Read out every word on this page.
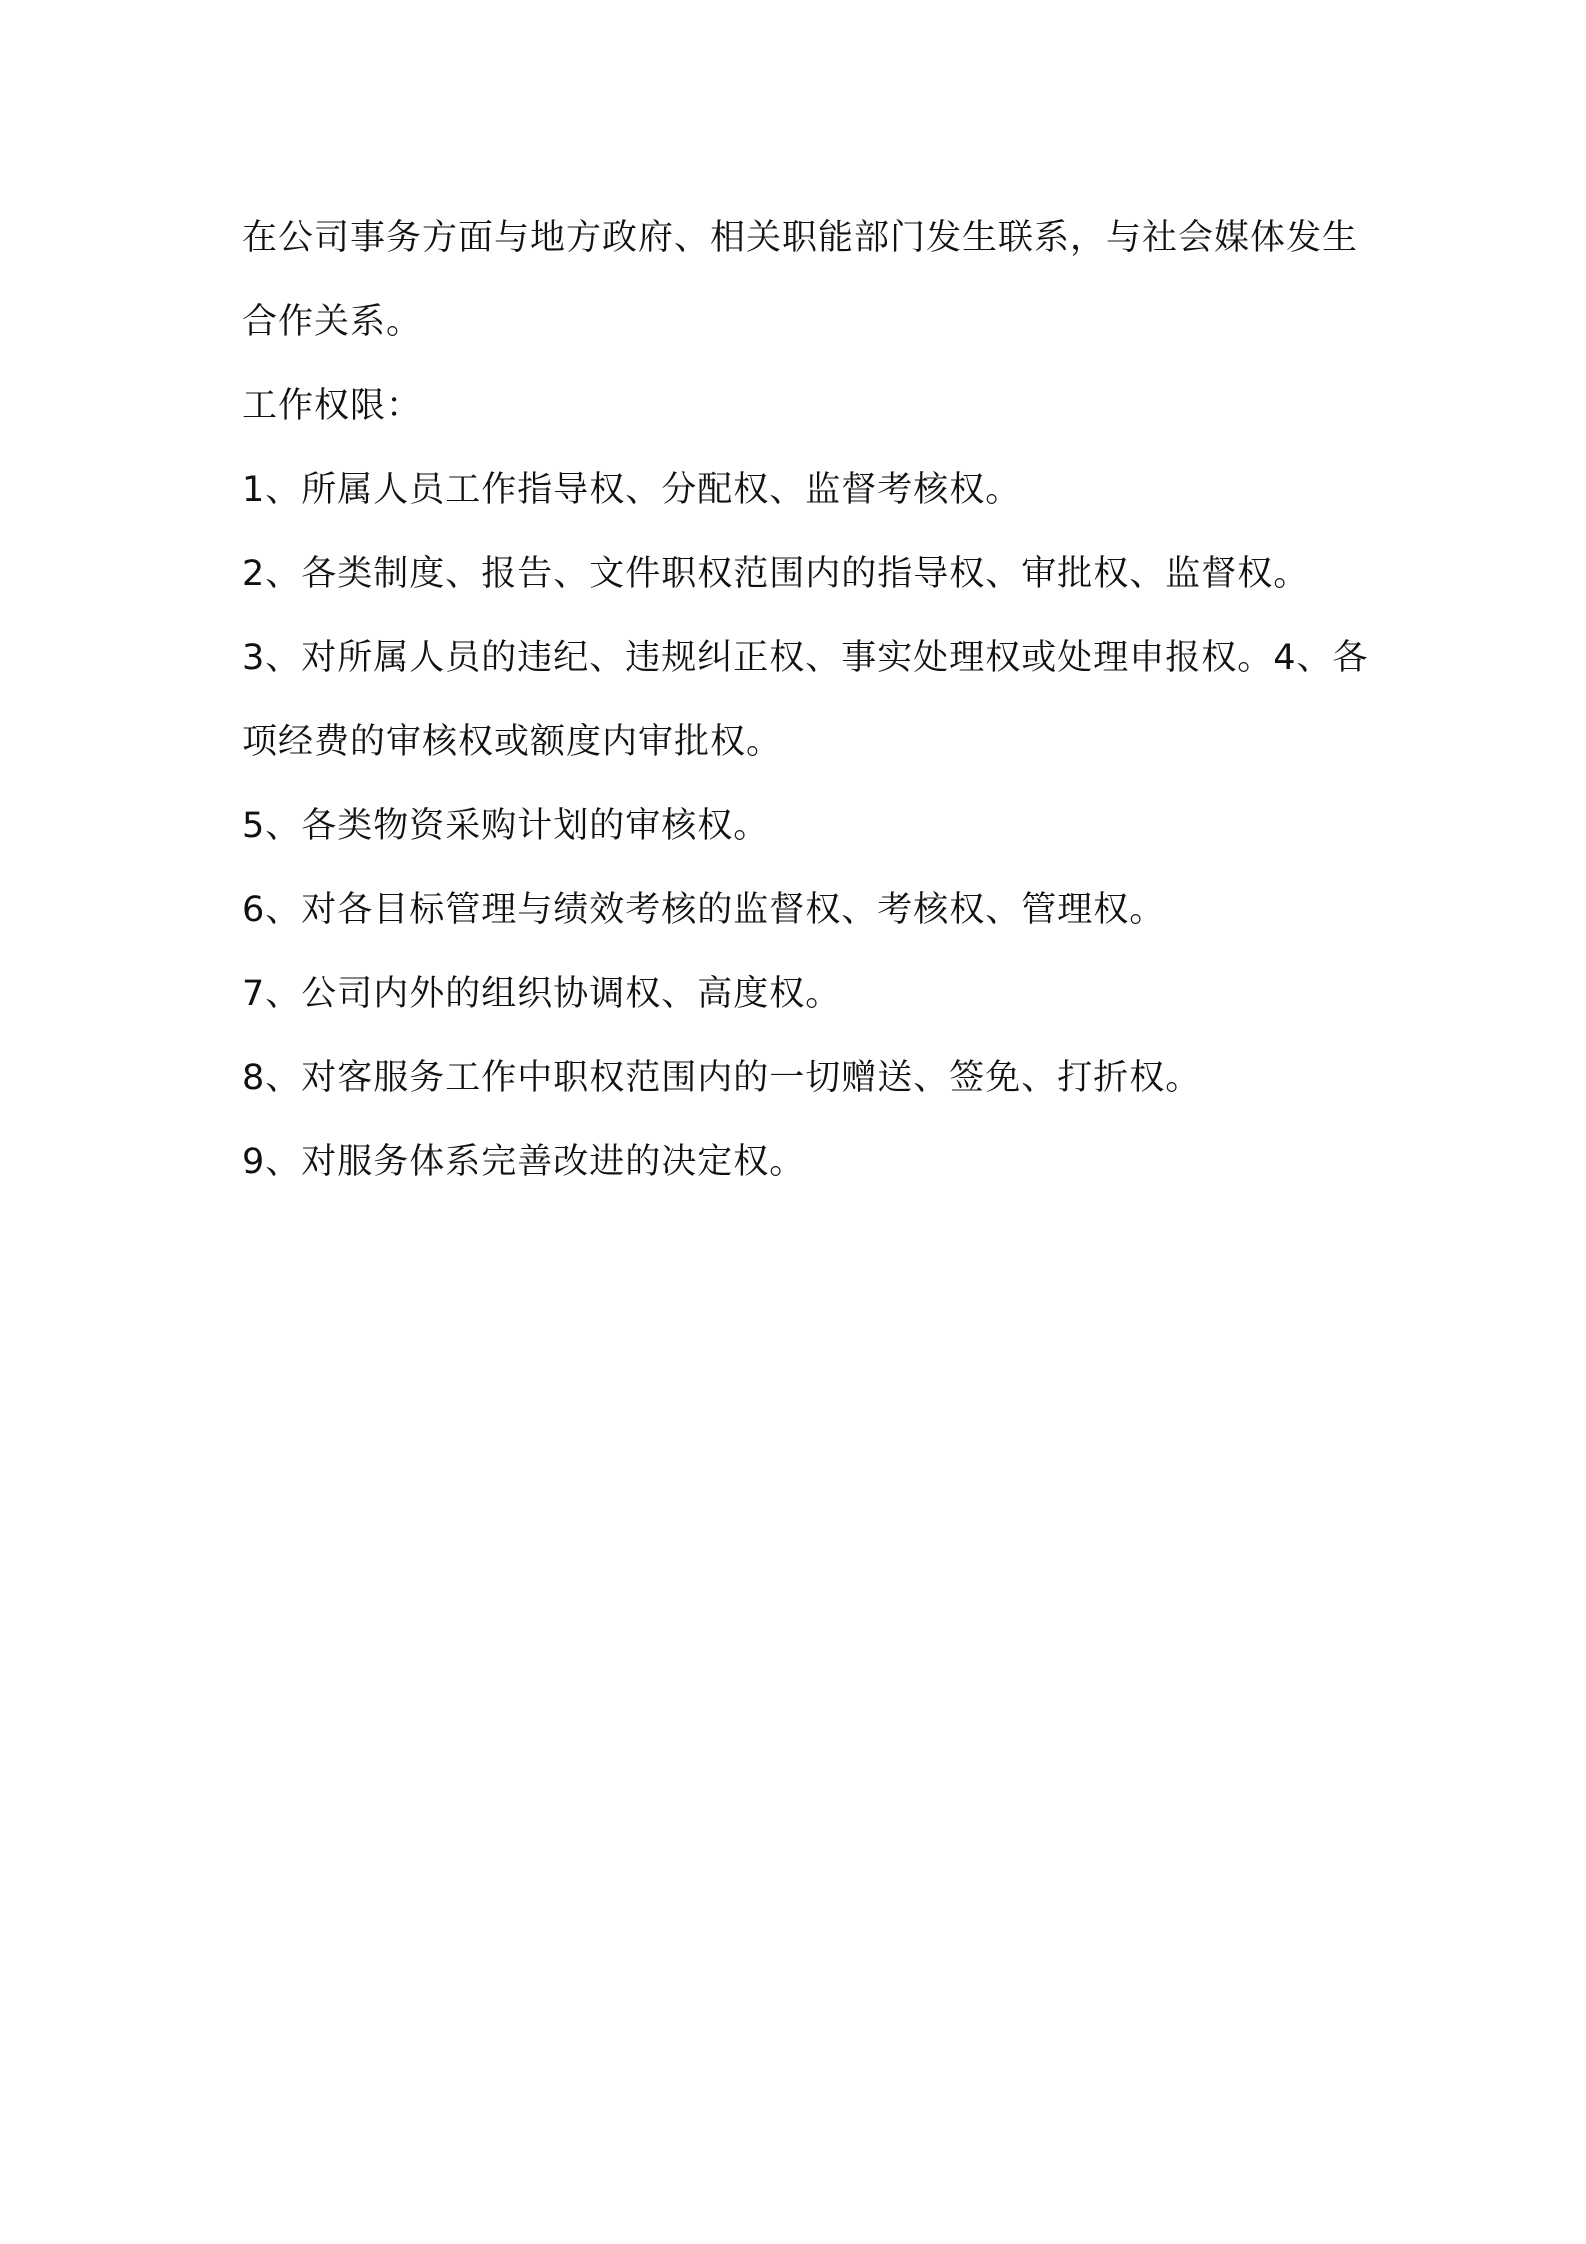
在公司事务方面与地方政府、相关职能部门发生联系，与社会媒体发生合作关系。

工作权限：

1、所属人员工作指导权、分配权、监督考核权。

2、各类制度、报告、文件职权范围内的指导权、审批权、监督权。

3、对所属人员的违纪、违规纠正权、事实处理权或处理申报权。4、各项经费的审核权或额度内审批权。

5、各类物资采购计划的审核权。

6、对各目标管理与绩效考核的监督权、考核权、管理权。

7、公司内外的组织协调权、高度权。

8、对客服务工作中职权范围内的一切赠送、签免、打折权。

9、对服务体系完善改进的决定权。
